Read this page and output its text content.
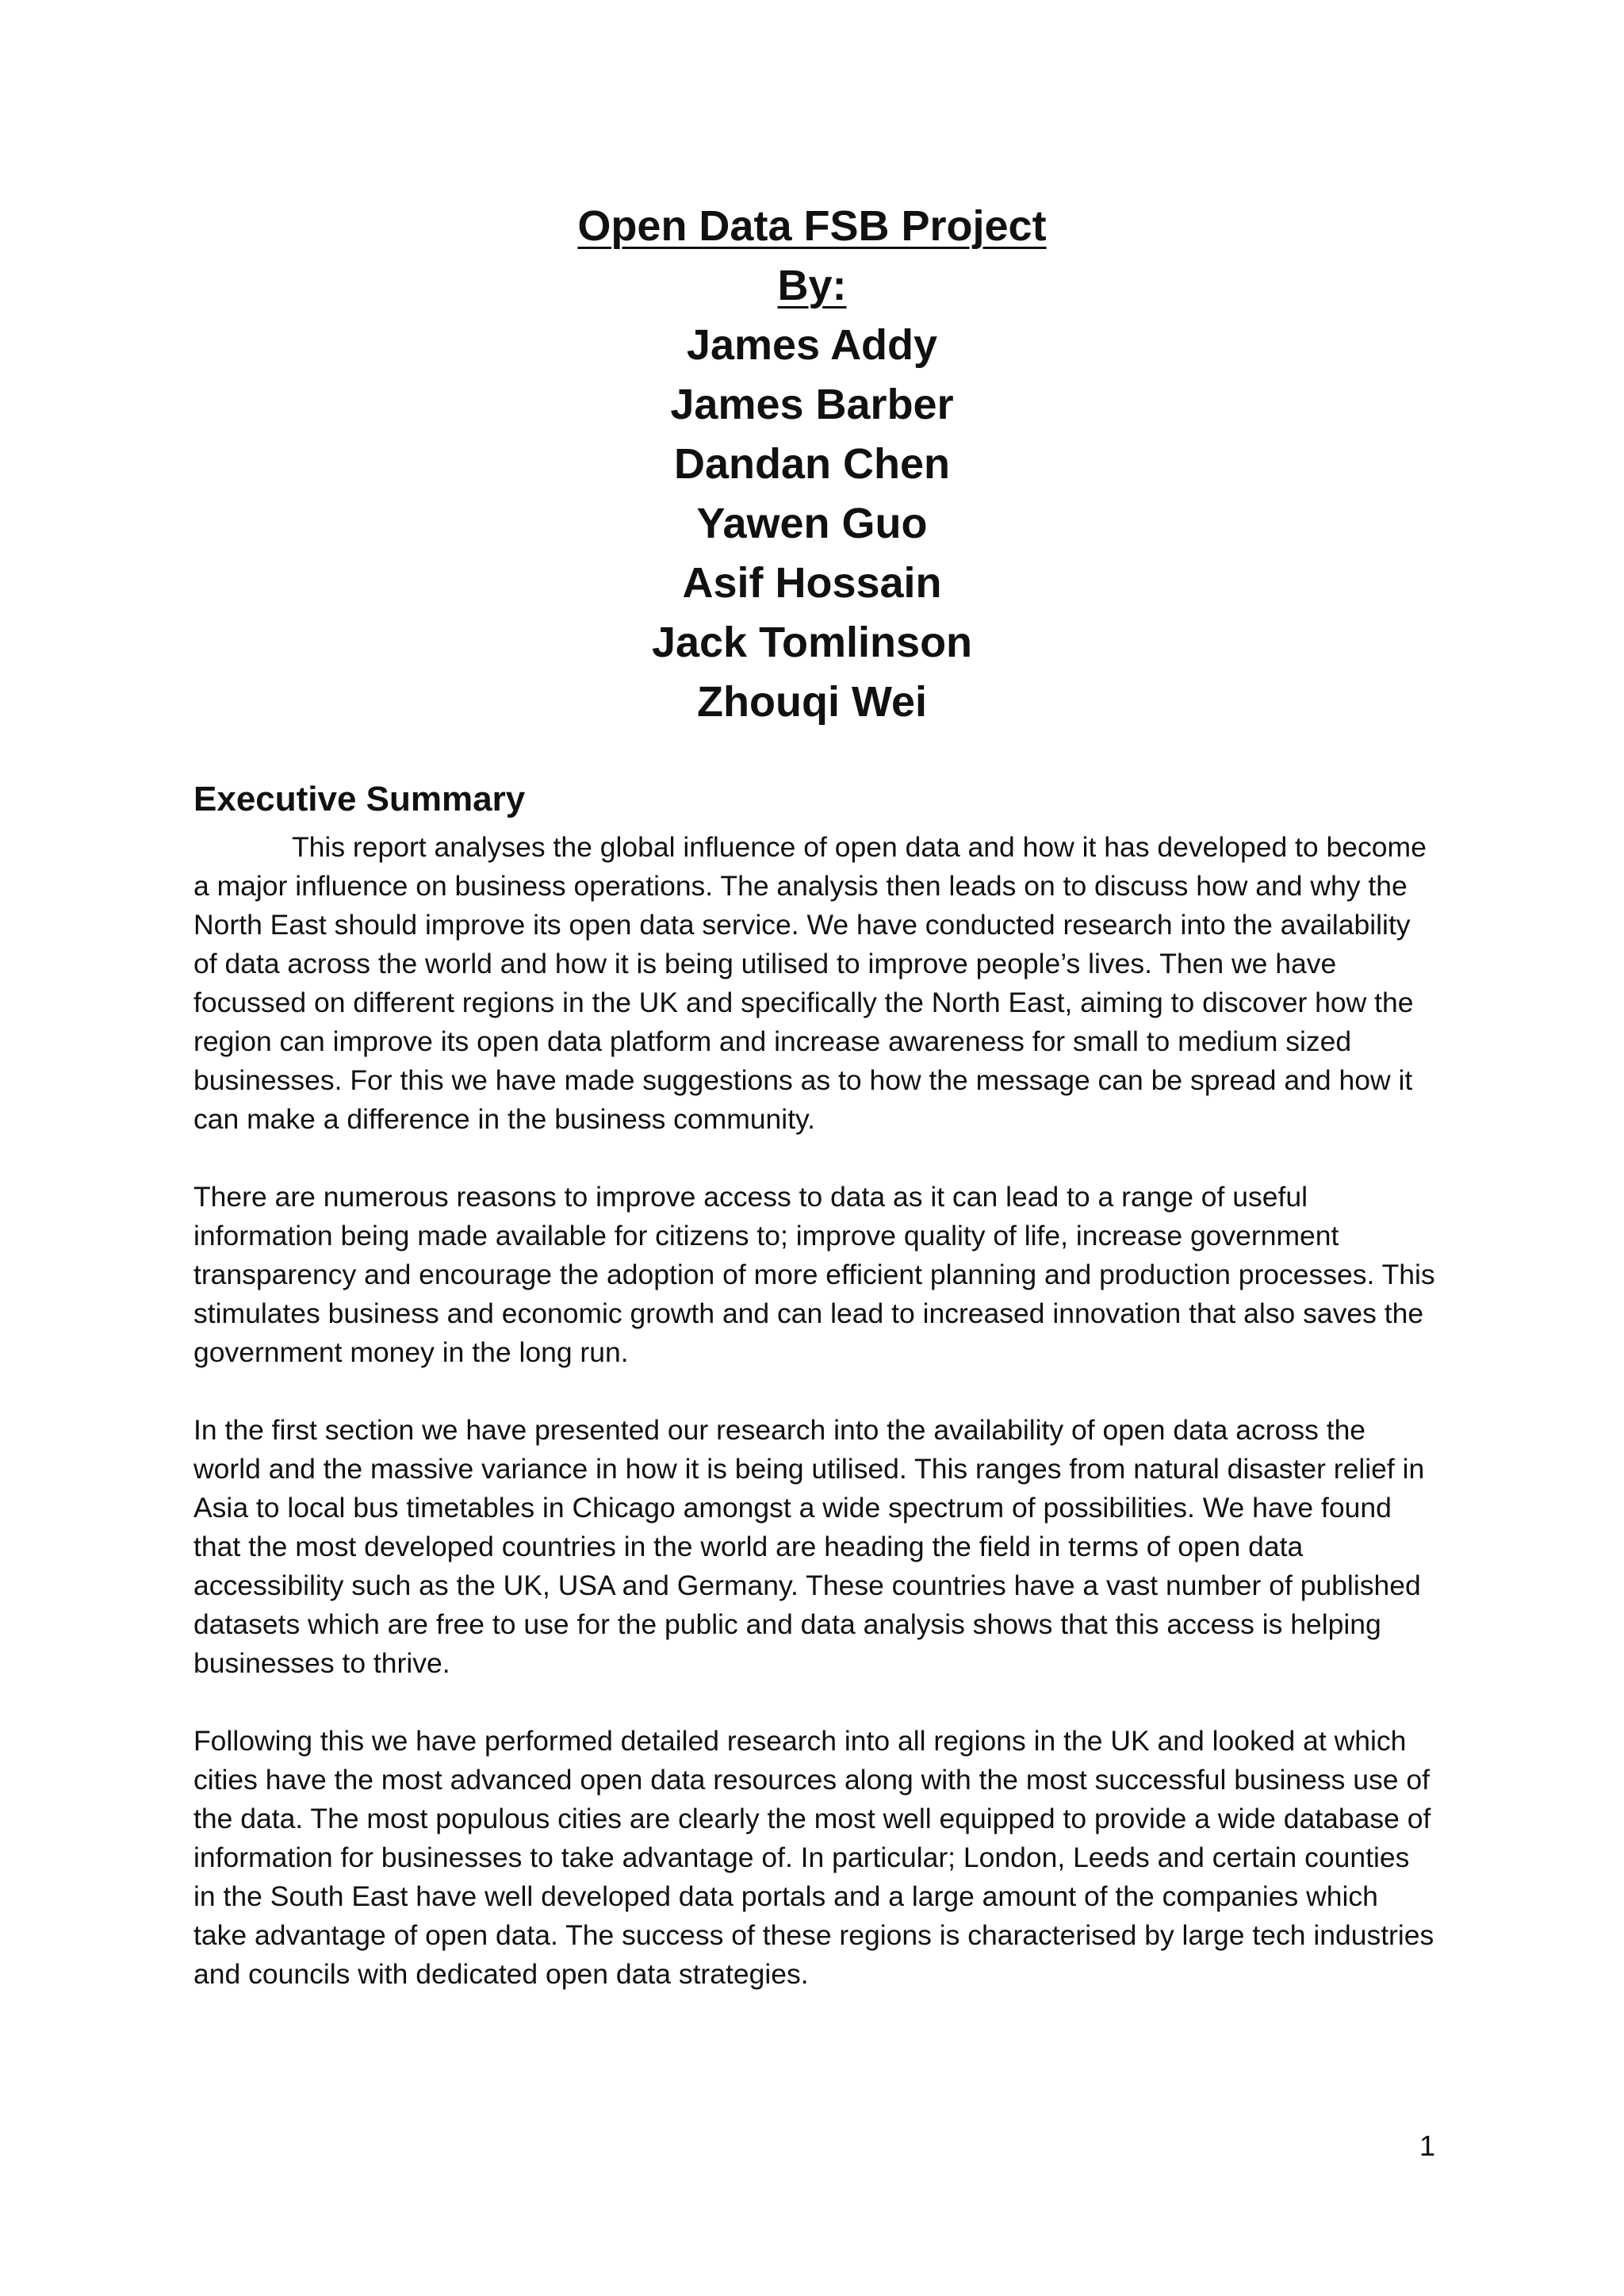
Open Data FSB Project
By:
James Addy
James Barber
Dandan Chen
Yawen Guo
Asif Hossain
Jack Tomlinson
Zhouqi Wei
Executive Summary

This report analyses the global influence of open data and how it has developed to become a major influence on business operations. The analysis then leads on to discuss how and why the North East should improve its open data service. We have conducted research into the availability of data across the world and how it is being utilised to improve people’s lives. Then we have focussed on different regions in the UK and specifically the North East, aiming to discover how the region can improve its open data platform and increase awareness for small to medium sized businesses. For this we have made suggestions as to how the message can be spread and how it can make a difference in the business community.

There are numerous reasons to improve access to data as it can lead to a range of useful information being made available for citizens to; improve quality of life, increase government transparency and encourage the adoption of more efficient planning and production processes. This stimulates business and economic growth and can lead to increased innovation that also saves the government money in the long run.

In the first section we have presented our research into the availability of open data across the world and the massive variance in how it is being utilised. This ranges from natural disaster relief in Asia to local bus timetables in Chicago amongst a wide spectrum of possibilities. We have found that the most developed countries in the world are heading the field in terms of open data accessibility such as the UK, USA and Germany. These countries have a vast number of published datasets which are free to use for the public and data analysis shows that this access is helping businesses to thrive.

Following this we have performed detailed research into all regions in the UK and looked at which cities have the most advanced open data resources along with the most successful business use of the data. The most populous cities are clearly the most well equipped to provide a wide database of information for businesses to take advantage of. In particular; London, Leeds and certain counties in the South East have well developed data portals and a large amount of the companies which take advantage of open data. The success of these regions is characterised by large tech industries and councils with dedicated open data strategies.

1
